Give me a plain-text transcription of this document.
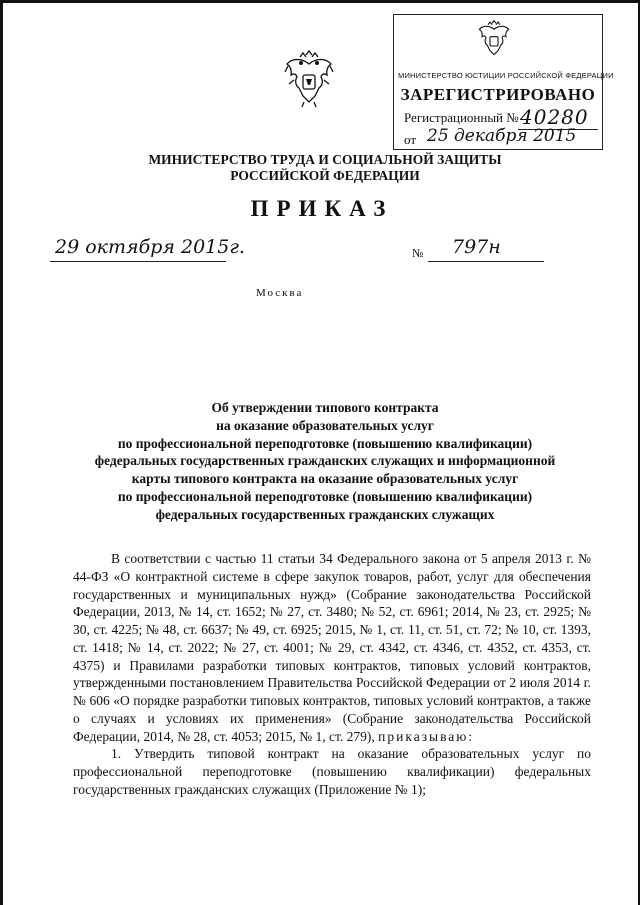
МИНИСТЕРСТВО ЮСТИЦИИ РОССИЙСКОЙ ФЕДЕРАЦИИ
ЗАРЕГИСТРИРОВАНО
Регистрационный № 40280
от 25 декабря 2015
МИНИСТЕРСТВО ТРУДА И СОЦИАЛЬНОЙ ЗАЩИТЫ
РОССИЙСКОЙ ФЕДЕРАЦИИ
ПРИКАЗ
29 октября 2015г.	№ 797н
Москва
Об утверждении типового контракта
на оказание образовательных услуг
по профессиональной переподготовке (повышению квалификации)
федеральных государственных гражданских служащих и информационной
карты типового контракта на оказание образовательных услуг
по профессиональной переподготовке (повышению квалификации)
федеральных государственных гражданских служащих

В соответствии с частью 11 статьи 34 Федерального закона от 5 апреля 2013 г. № 44-ФЗ «О контрактной системе в сфере закупок товаров, работ, услуг для обеспечения государственных и муниципальных нужд» (Собрание законодательства Российской Федерации, 2013, № 14, ст. 1652; № 27, ст. 3480; № 52, ст. 6961; 2014, № 23, ст. 2925; № 30, ст. 4225; № 48, ст. 6637; № 49, ст. 6925; 2015, № 1, ст. 11, ст. 51, ст. 72; № 10, ст. 1393, ст. 1418; № 14, ст. 2022; № 27, ст. 4001; № 29, ст. 4342, ст. 4346, ст. 4352, ст. 4353, ст. 4375) и Правилами разработки типовых контрактов, типовых условий контрактов, утвержденными постановлением Правительства Российской Федерации от 2 июля 2014 г. № 606 «О порядке разработки типовых контрактов, типовых условий контрактов, а также о случаях и условиях их применения» (Собрание законодательства Российской Федерации, 2014, № 28, ст. 4053; 2015, № 1, ст. 279), приказываю:

1. Утвердить типовой контракт на оказание образовательных услуг по профессиональной переподготовке (повышению квалификации) федеральных государственных гражданских служащих (Приложение № 1);
